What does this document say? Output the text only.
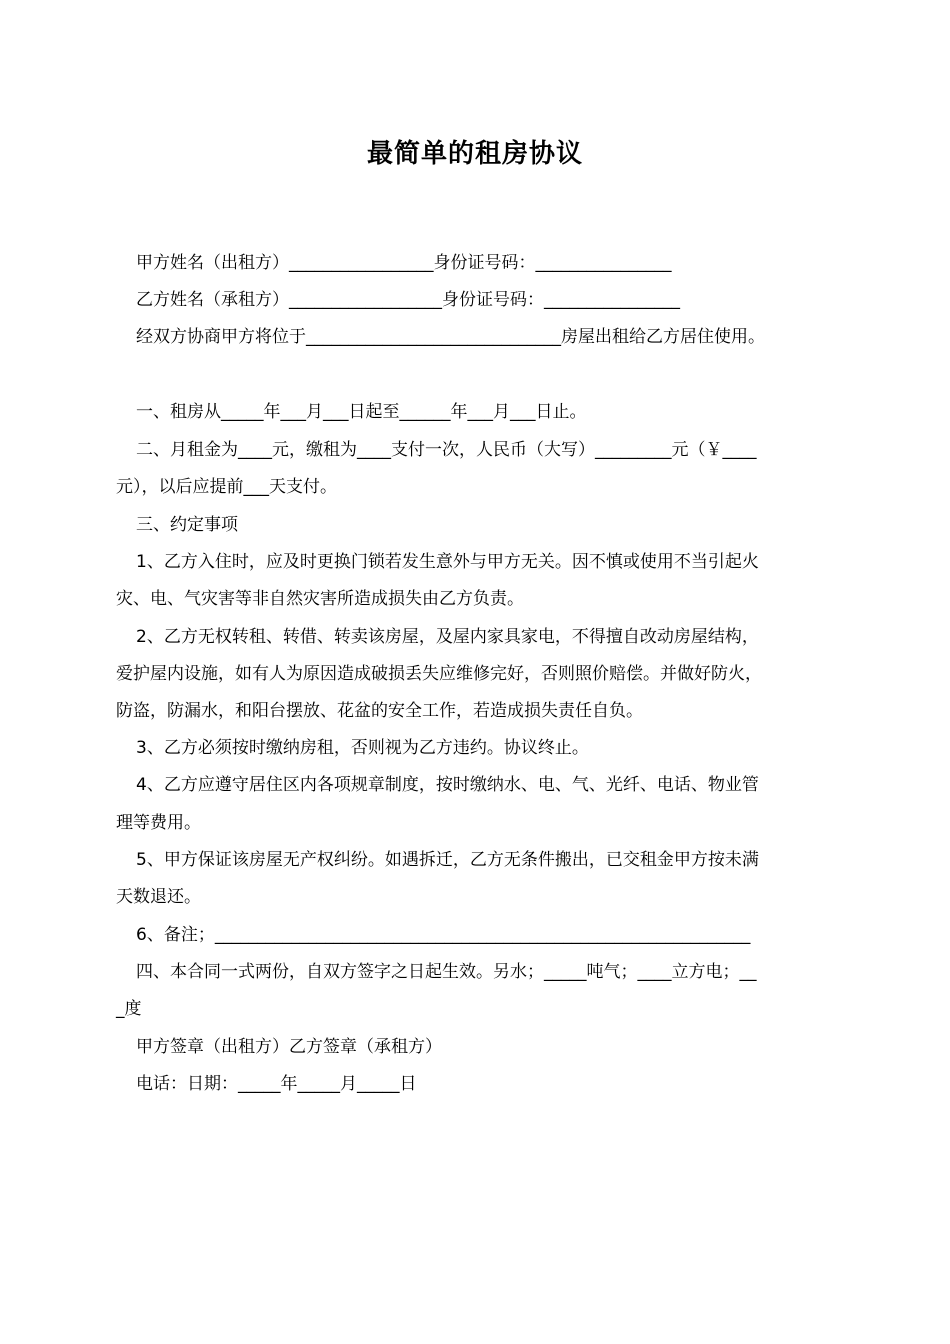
最简单的租房协议
甲方姓名（出租方）_________________身份证号码：________________
乙方姓名（承租方）__________________身份证号码：________________
经双方协商甲方将位于______________________________房屋出租给乙方居住使用。
一、租房从_____年___月___日起至______年___月___日止。
二、月租金为____元，缴租为____支付一次，人民币（大写）_________元（￥____
元），以后应提前___天支付。
三、约定事项
1、乙方入住时，应及时更换门锁若发生意外与甲方无关。因不慎或使用不当引起火
灾、电、气灾害等非自然灾害所造成损失由乙方负责。
2、乙方无权转租、转借、转卖该房屋，及屋内家具家电，不得擅自改动房屋结构，
爱护屋内设施，如有人为原因造成破损丢失应维修完好，否则照价赔偿。并做好防火，
防盗，防漏水，和阳台摆放、花盆的安全工作，若造成损失责任自负。
3、乙方必须按时缴纳房租，否则视为乙方违约。协议终止。
4、乙方应遵守居住区内各项规章制度，按时缴纳水、电、气、光纤、电话、物业管
理等费用。
5、甲方保证该房屋无产权纠纷。如遇拆迁，乙方无条件搬出，已交租金甲方按未满
天数退还。
6、备注；_______________________________________________________________
四、本合同一式两份，自双方签字之日起生效。另水；_____吨气；____立方电；__
_度
甲方签章（出租方）乙方签章（承租方）
电话：日期：_____年_____月_____日
